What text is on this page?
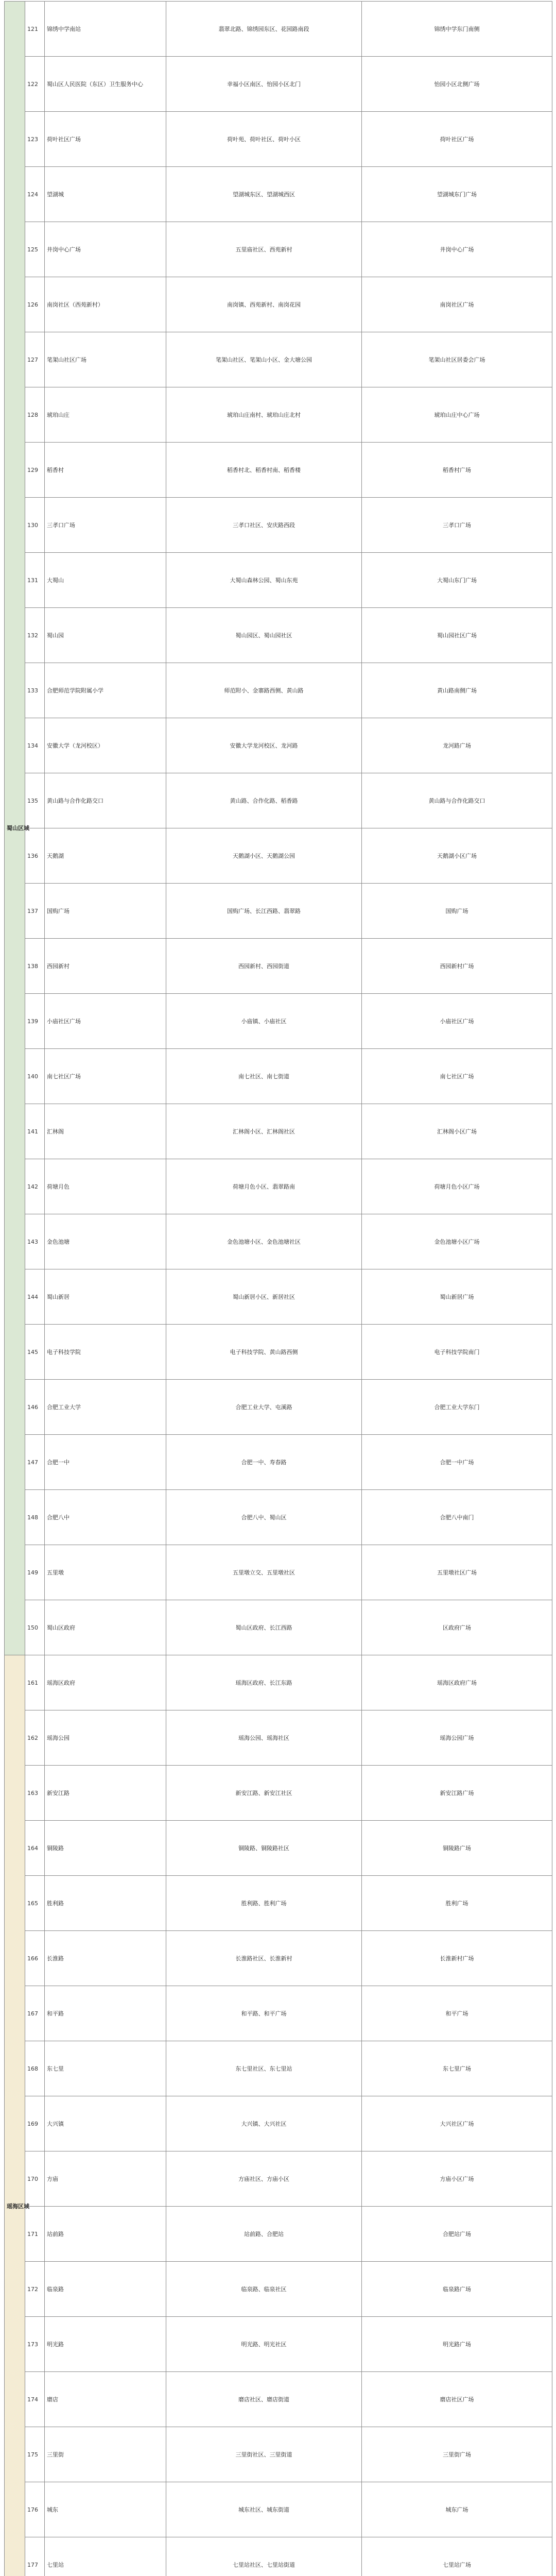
蜀山区域	121	锦绣中学南站	翡翠北路、锦绣园东区、花园路南段	锦绣中学东门南侧
	122	蜀山区人民医院（东区）卫生服务中心	幸福小区南区、怡园小区北门	怡园小区北侧广场
	123	荷叶社区广场	荷叶苑、荷叶社区、荷叶小区	荷叶社区广场
	124	望湖城	望湖城东区、望湖城西区	望湖城东门广场
	125	井岗中心广场	五里庙社区、西苑新村	井岗中心广场
	126	南岗社区（西苑新村）	南岗镇、西苑新村、南岗花园	南岗社区广场
	127	笔架山社区广场	笔架山社区、笔架山小区、金大塘公园	笔架山社区居委会广场
	128	琥珀山庄	琥珀山庄南村、琥珀山庄北村	琥珀山庄中心广场
	129	稻香村	稻香村北、稻香村南、稻香楼	稻香村广场
	130	三孝口广场	三孝口社区、安庆路西段	三孝口广场
	131	大蜀山	大蜀山森林公园、蜀山东苑	大蜀山东门广场
	132	蜀山园	蜀山园区、蜀山园社区	蜀山园社区广场
	133	合肥师范学院附属小学	师范附小、金寨路西侧、黄山路	黄山路南侧广场
	134	安徽大学（龙河校区）	安徽大学龙河校区、龙河路	龙河路广场
	135	黄山路与合作化路交口	黄山路、合作化路、稻香路	黄山路与合作化路交口
	136	天鹅湖	天鹅湖小区、天鹅湖公园	天鹅湖小区广场
	137	国购广场	国购广场、长江西路、翡翠路	国购广场
	138	西园新村	西园新村、西园街道	西园新村广场
	139	小庙社区广场	小庙镇、小庙社区	小庙社区广场
	140	南七社区广场	南七社区、南七街道	南七社区广场
	141	汇林阁	汇林阁小区、汇林阁社区	汇林阁小区广场
	142	荷塘月色	荷塘月色小区、翡翠路南	荷塘月色小区广场
	143	金色池塘	金色池塘小区、金色池塘社区	金色池塘小区广场
	144	蜀山新居	蜀山新居小区、新居社区	蜀山新居广场
	145	电子科技学院	电子科技学院、黄山路西侧	电子科技学院南门
	146	合肥工业大学	合肥工业大学、屯溪路	合肥工业大学东门
	147	合肥一中	合肥一中、寿春路	合肥一中广场
	148	合肥八中	合肥八中、蜀山区	合肥八中南门
	149	五里墩	五里墩立交、五里墩社区	五里墩社区广场
	150	蜀山区政府	蜀山区政府、长江西路	区政府广场
瑶海区域	161	瑶海区政府	瑶海区政府、长江东路	瑶海区政府广场
	162	瑶海公园	瑶海公园、瑶海社区	瑶海公园广场
	163	新安江路	新安江路、新安江社区	新安江路广场
	164	铜陵路	铜陵路、铜陵路社区	铜陵路广场
	165	胜利路	胜利路、胜利广场	胜利广场
	166	长淮路	长淮路社区、长淮新村	长淮新村广场
	167	和平路	和平路、和平广场	和平广场
	168	东七里	东七里社区、东七里站	东七里广场
	169	大兴镇	大兴镇、大兴社区	大兴社区广场
	170	方庙	方庙社区、方庙小区	方庙小区广场
	171	站前路	站前路、合肥站	合肥站广场
	172	临泉路	临泉路、临泉社区	临泉路广场
	173	明光路	明光路、明光社区	明光路广场
	174	磨店	磨店社区、磨店街道	磨店社区广场
	175	三里街	三里街社区、三里街道	三里街广场
	176	城东	城东社区、城东街道	城东广场
	177	七里站	七里站社区、七里站街道	七里站广场
